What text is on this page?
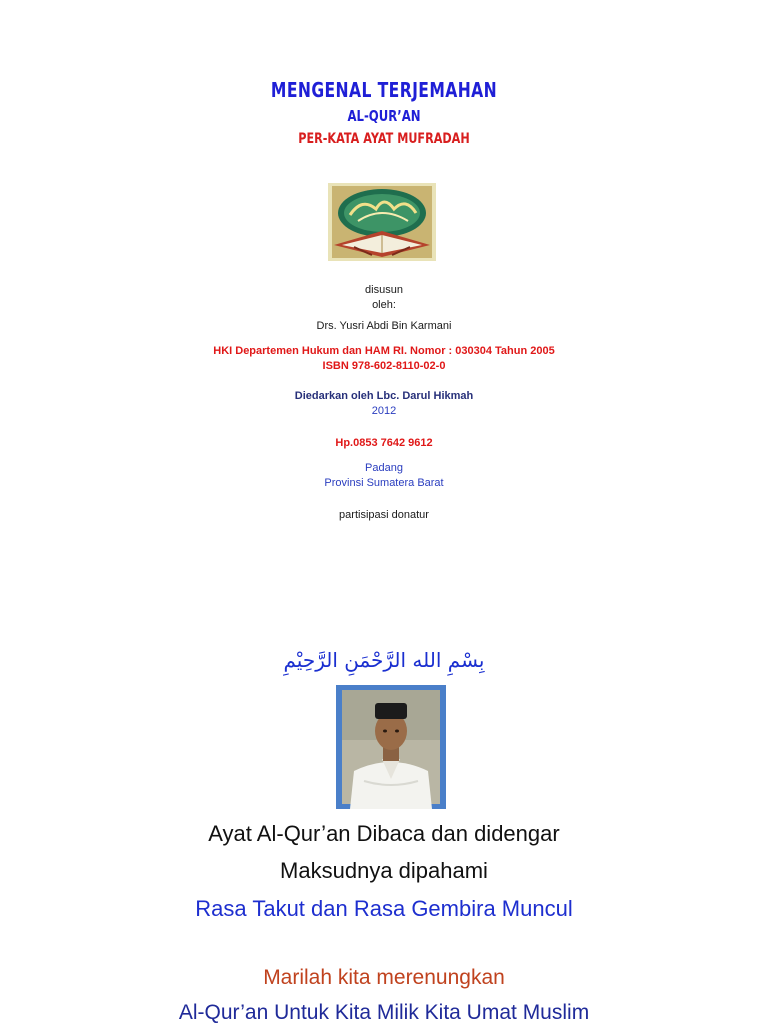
MENGENAL TERJEMAHAN
AL-QUR’AN
PER-KATA AYAT MUFRADAH
disusun
oleh:
Drs. Yusri Abdi Bin Karmani
HKI Departemen Hukum dan HAM RI. Nomor : 030304 Tahun 2005
ISBN 978-602-8110-02-0
Diedarkan oleh Lbc. Darul Hikmah
2012
Hp.0853 7642 9612
Padang
Provinsi Sumatera Barat
partisipasi donatur
بِسْمِ الله الرَّحْمَنِ الرَّحِيْمِ
Ayat Al-Qur’an Dibaca dan didengar
Maksudnya dipahami
Rasa Takut dan Rasa Gembira Muncul
Marilah kita merenungkan
Al-Qur’an Untuk Kita Milik Kita Umat Muslim
